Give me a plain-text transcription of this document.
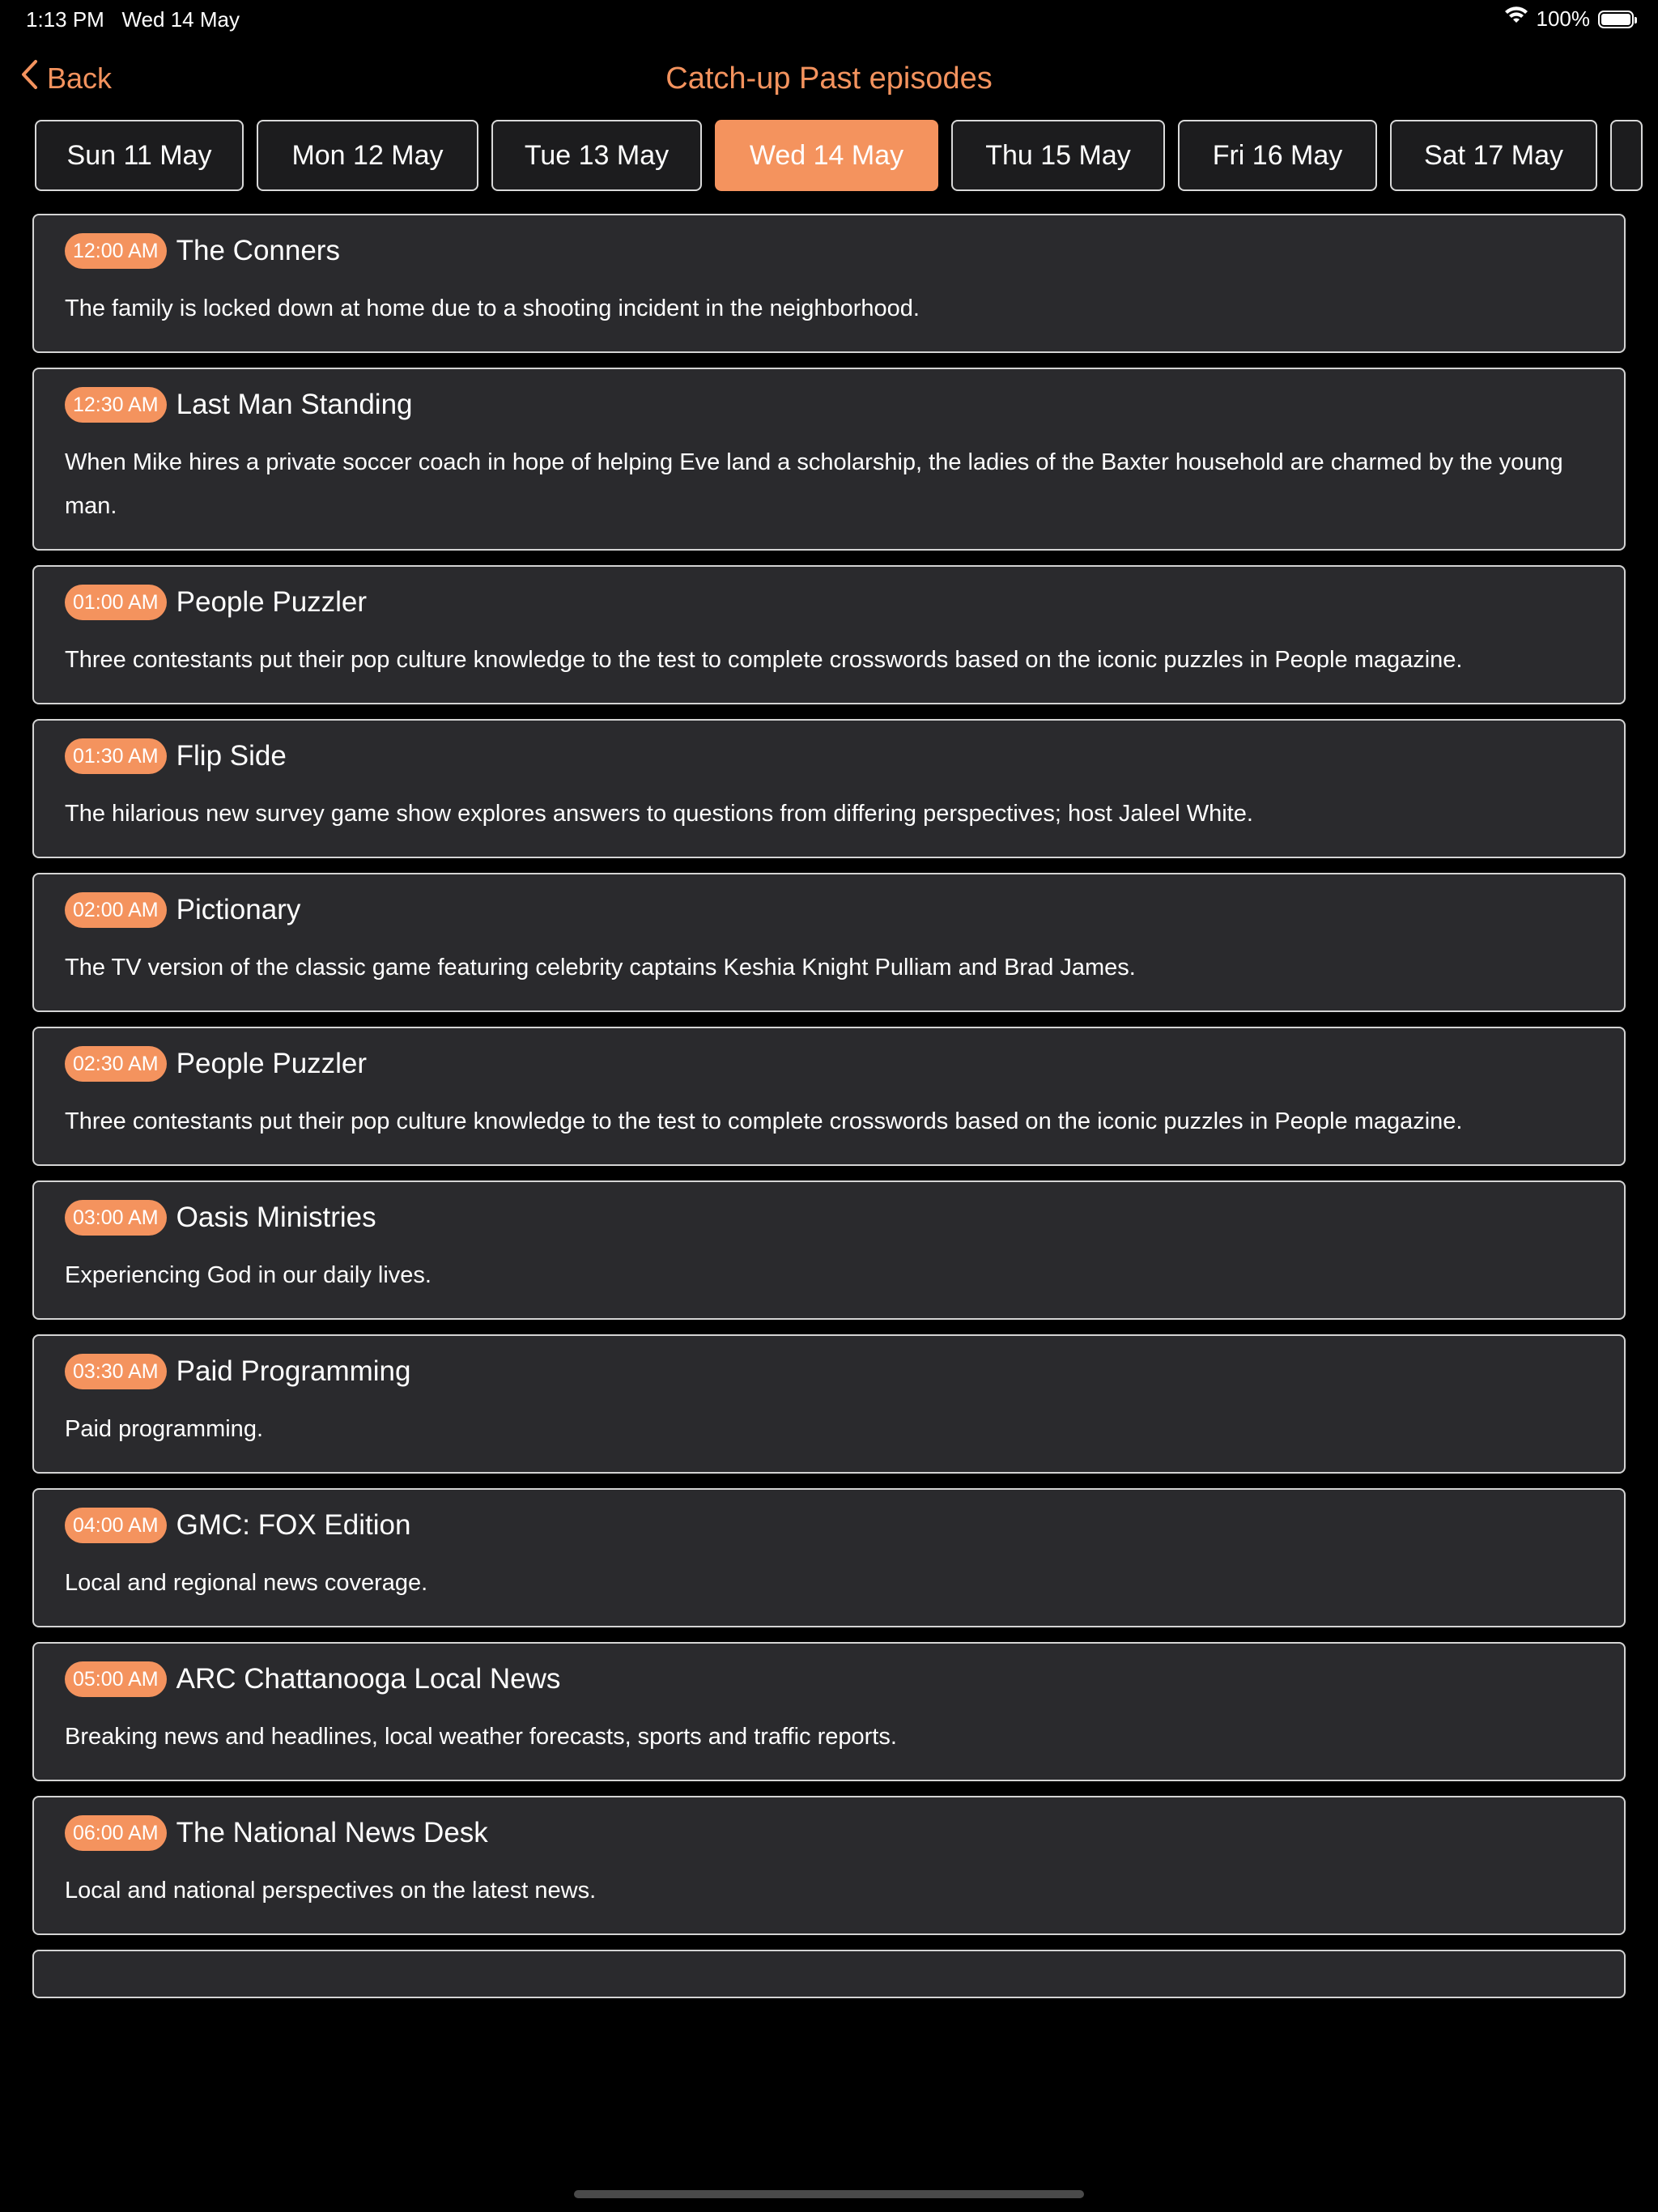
1:13 PM Wed 14 May	100%
Back	Catch-up Past episodes
Sun 11 May	Mon 12 May	Tue 13 May	Wed 14 May	Thu 15 May	Fri 16 May	Sat 17 May
12:00 AM The Conners
The family is locked down at home due to a shooting incident in the neighborhood.
12:30 AM Last Man Standing
When Mike hires a private soccer coach in hope of helping Eve land a scholarship, the ladies of the Baxter household are charmed by the young man.
01:00 AM People Puzzler
Three contestants put their pop culture knowledge to the test to complete crosswords based on the iconic puzzles in People magazine.
01:30 AM Flip Side
The hilarious new survey game show explores answers to questions from differing perspectives; host Jaleel White.
02:00 AM Pictionary
The TV version of the classic game featuring celebrity captains Keshia Knight Pulliam and Brad James.
02:30 AM People Puzzler
Three contestants put their pop culture knowledge to the test to complete crosswords based on the iconic puzzles in People magazine.
03:00 AM Oasis Ministries
Experiencing God in our daily lives.
03:30 AM Paid Programming
Paid programming.
04:00 AM GMC: FOX Edition
Local and regional news coverage.
05:00 AM ARC Chattanooga Local News
Breaking news and headlines, local weather forecasts, sports and traffic reports.
06:00 AM The National News Desk
Local and national perspectives on the latest news.
